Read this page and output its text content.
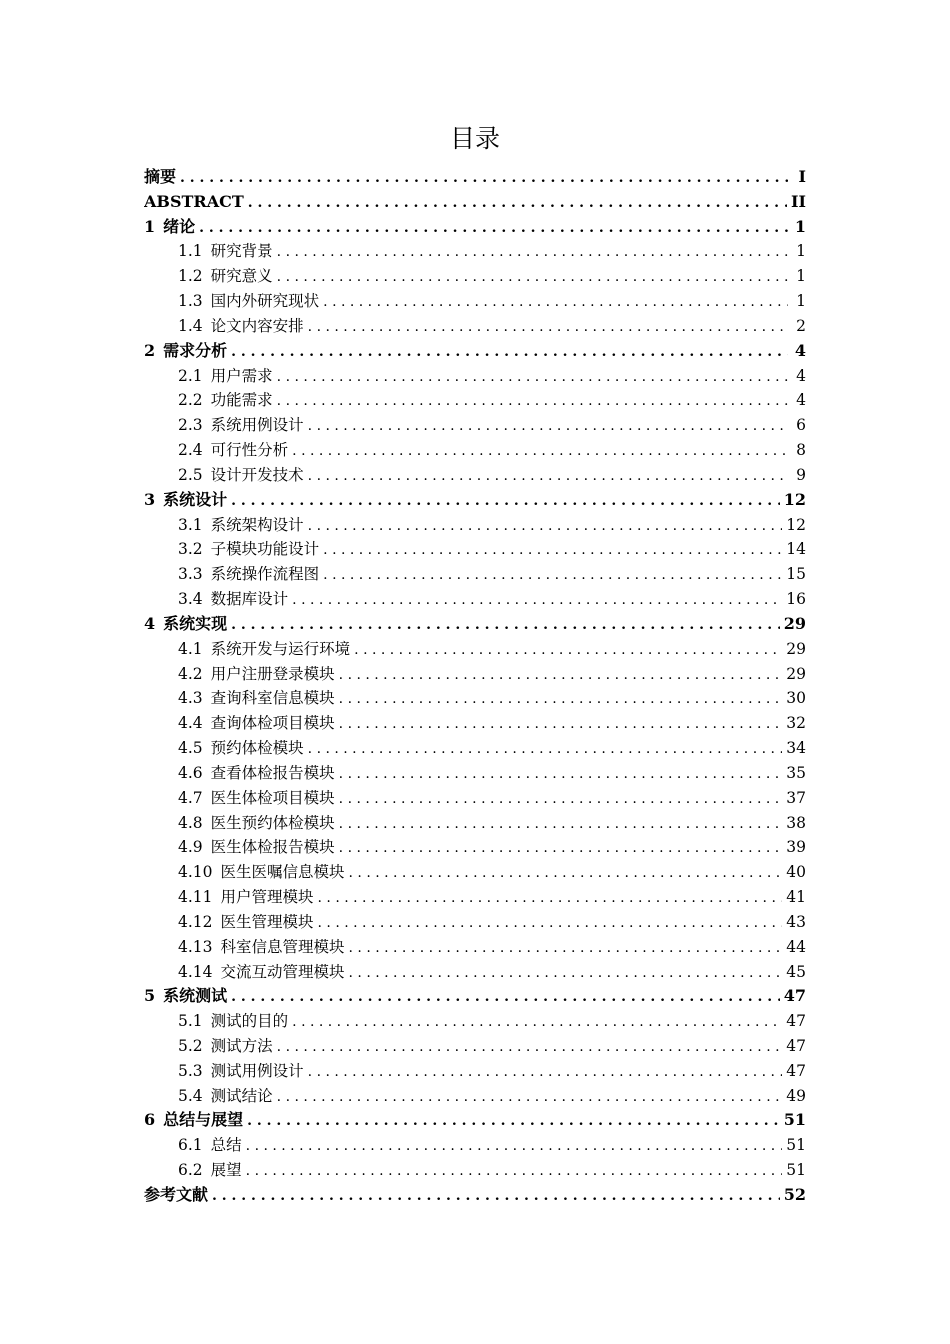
目录
摘要 . . .	I
ABSTRACT . . .	II
1 绪论 . . .	1
1.1 研究背景 . . .	1
1.2 研究意义 . . .	1
1.3 国内外研究现状 . . .	1
1.4 论文内容安排 . . .	2
2 需求分析 . . .	4
2.1 用户需求 . . .	4
2.2 功能需求 . . .	4
2.3 系统用例设计 . . .	6
2.4 可行性分析 . . .	8
2.5 设计开发技术 . . .	9
3 系统设计 . . .	12
3.1 系统架构设计 . . .	12
3.2 子模块功能设计 . . .	14
3.3 系统操作流程图 . . .	15
3.4 数据库设计 . . .	16
4 系统实现 . . .	29
4.1 系统开发与运行环境 . . .	29
4.2 用户注册登录模块 . . .	29
4.3 查询科室信息模块 . . .	30
4.4 查询体检项目模块 . . .	32
4.5 预约体检模块 . . .	34
4.6 查看体检报告模块 . . .	35
4.7 医生体检项目模块 . . .	37
4.8 医生预约体检模块 . . .	38
4.9 医生体检报告模块 . . .	39
4.10 医生医嘱信息模块 . . .	40
4.11 用户管理模块 . . .	41
4.12 医生管理模块 . . .	43
4.13 科室信息管理模块 . . .	44
4.14 交流互动管理模块 . . .	45
5 系统测试 . . .	47
5.1 测试的目的 . . .	47
5.2 测试方法 . . .	47
5.3 测试用例设计 . . .	47
5.4 测试结论 . . .	49
6 总结与展望 . . .	51
6.1 总结 . . .	51
6.2 展望 . . .	51
参考文献 . . .	52
